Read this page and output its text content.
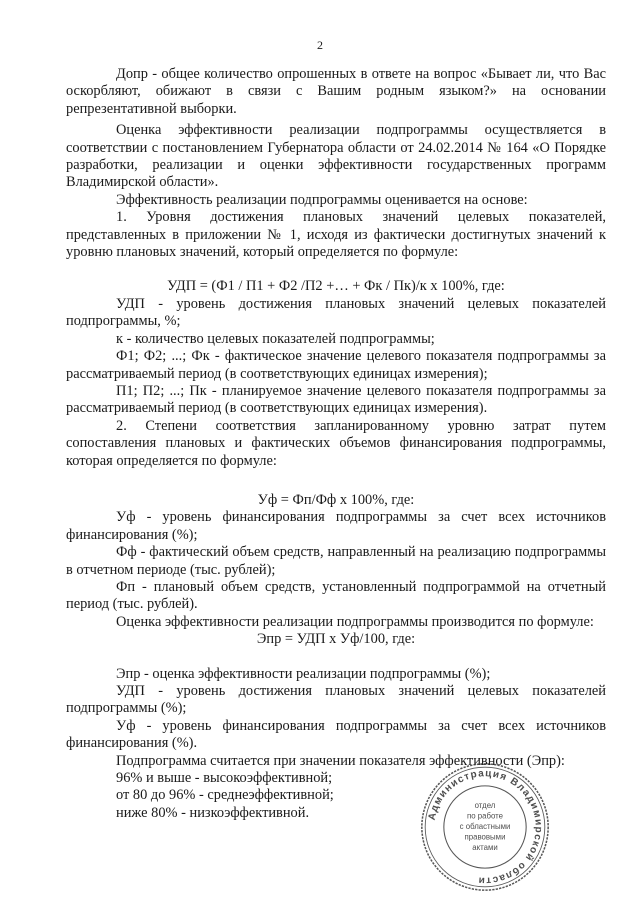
2

Допр - общее количество опрошенных в ответе на вопрос «Бывает ли, что Вас оскорбляют, обижают в связи с Вашим родным языком?» на основании репрезентативной выборки.

Оценка эффективности реализации подпрограммы осуществляется в соответствии с постановлением Губернатора области от 24.02.2014 № 164 «О Порядке разработки, реализации и оценки эффективности государственных программ Владимирской области».

Эффективность реализации подпрограммы оценивается на основе:

1. Уровня достижения плановых значений целевых показателей, представленных в приложении № 1, исходя из фактически достигнутых значений к уровню плановых значений, который определяется по формуле:

УДП = (Ф1 / П1 + Ф2 /П2 +… + Фк / Пк)/к х 100%, где:

УДП - уровень достижения плановых значений целевых показателей подпрограммы, %;

к - количество целевых показателей подпрограммы;

Ф1; Ф2; ...; Фк - фактическое значение целевого показателя подпрограммы за рассматриваемый период (в соответствующих единицах измерения);

П1; П2; ...; Пк - планируемое значение целевого показателя подпрограммы за рассматриваемый период (в соответствующих единицах измерения).

2. Степени соответствия запланированному уровню затрат путем сопоставления плановых и фактических объемов финансирования подпрограммы, которая определяется по формуле:

Уф = Фп/Фф х 100%, где:

Уф - уровень финансирования подпрограммы за счет всех источников финансирования (%);

Фф - фактический объем средств, направленный на реализацию подпрограммы в отчетном периоде (тыс. рублей);

Фп - плановый объем средств, установленный подпрограммой на отчетный период (тыс. рублей).

Оценка эффективности реализации подпрограммы производится по формуле:

Эпр = УДП х Уф/100, где:

Эпр - оценка эффективности реализации подпрограммы (%);

УДП - уровень достижения плановых значений целевых показателей подпрограммы (%);

Уф - уровень финансирования подпрограммы за счет всех источников финансирования (%).

Подпрограмма считается при значении показателя эффективности (Эпр):

96% и выше - высокоэффективной;

от 80 до 96% - среднеэффективной;

ниже 80% - низкоэффективной.	Администрация Владимирской области
отдел
по работе
с областными
правовыми
актами
